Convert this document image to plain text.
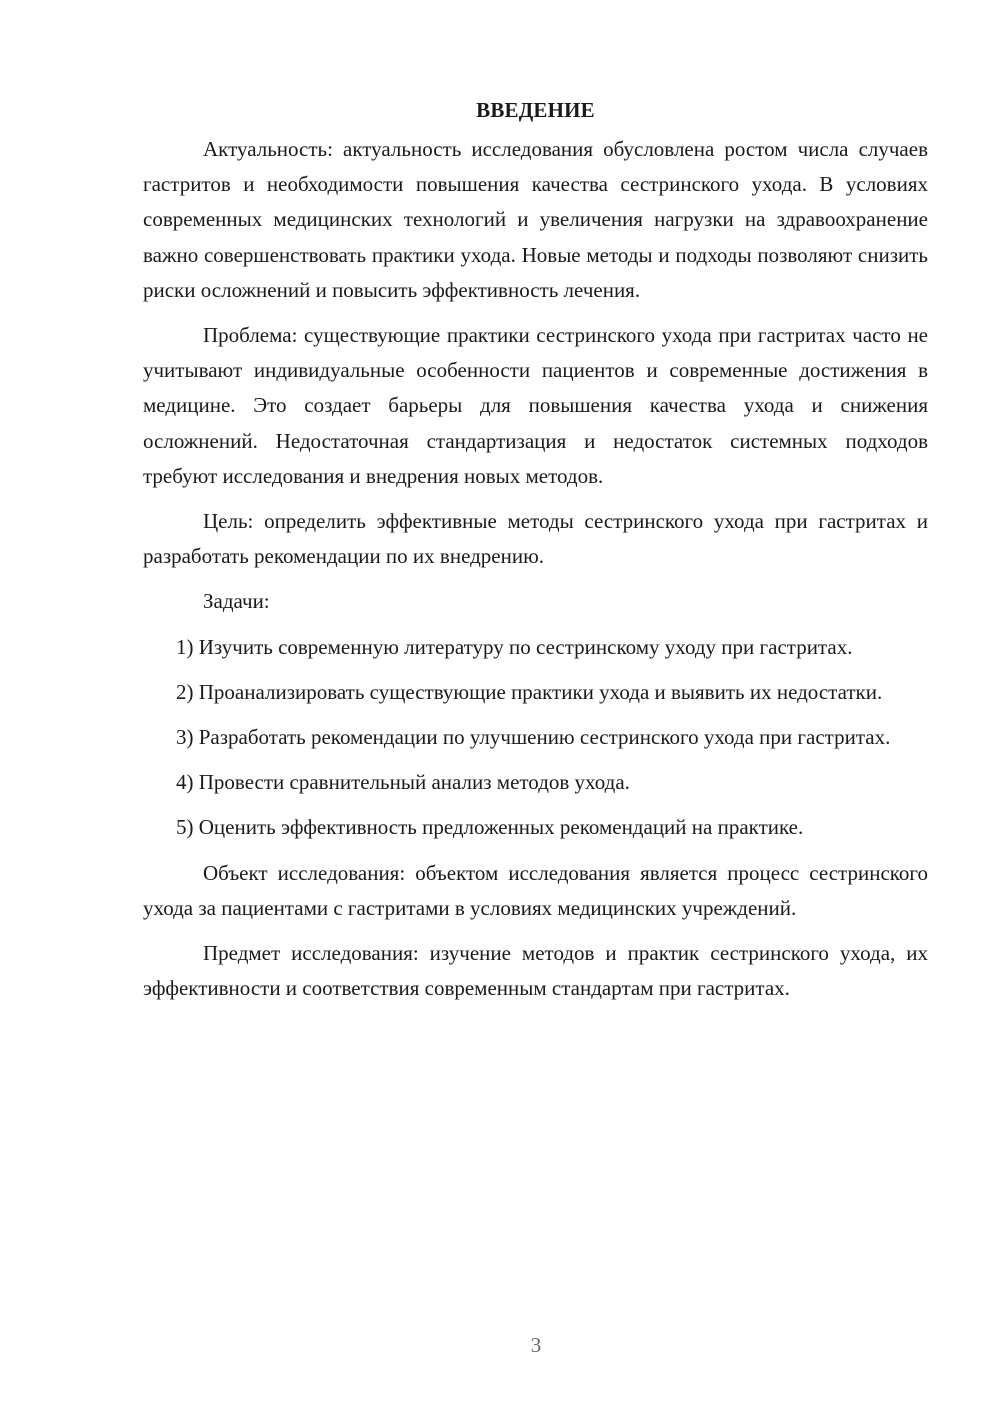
ВВЕДЕНИЕ

Актуальность: актуальность исследования обусловлена ростом числа случаев гастритов и необходимости повышения качества сестринского ухода. В условиях современных медицинских технологий и увеличения нагрузки на здравоохранение важно совершенствовать практики ухода. Новые методы и подходы позволяют снизить риски осложнений и повысить эффективность лечения.

Проблема: существующие практики сестринского ухода при гастритах часто не учитывают индивидуальные особенности пациентов и современные достижения в медицине. Это создает барьеры для повышения качества ухода и снижения осложнений. Недостаточная стандартизация и недостаток системных подходов требуют исследования и внедрения новых методов.

Цель: определить эффективные методы сестринского ухода при гастритах и разработать рекомендации по их внедрению.

Задачи:

1) Изучить современную литературу по сестринскому уходу при гастритах.

2) Проанализировать существующие практики ухода и выявить их недостатки.

3) Разработать рекомендации по улучшению сестринского ухода при гастритах.

4) Провести сравнительный анализ методов ухода.

5) Оценить эффективность предложенных рекомендаций на практике.

Объект исследования: объектом исследования является процесс сестринского ухода за пациентами с гастритами в условиях медицинских учреждений.

Предмет исследования: изучение методов и практик сестринского ухода, их эффективности и соответствия современным стандартам при гастритах.

3
